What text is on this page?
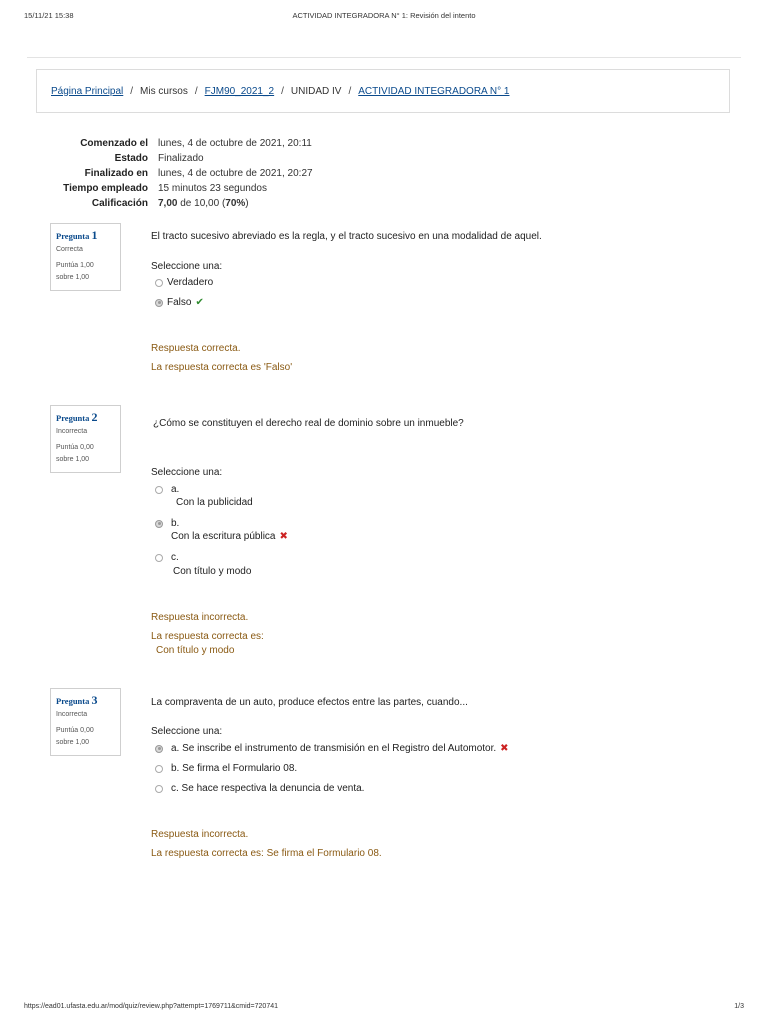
15/11/21 15:38	ACTIVIDAD INTEGRADORA N° 1: Revisión del intento
Página Principal / Mis cursos / FJM90_2021_2 / UNIDAD IV / ACTIVIDAD INTEGRADORA N° 1
Comenzado el lunes, 4 de octubre de 2021, 20:11
Estado Finalizado
Finalizado en lunes, 4 de octubre de 2021, 20:27
Tiempo empleado 15 minutos 23 segundos
Calificación 7,00 de 10,00 (70%)
Pregunta 1
Correcta
Puntúa 1,00
sobre 1,00
El tracto sucesivo abreviado es la regla, y el tracto sucesivo en una modalidad de aquel.
Seleccione una:
Verdadero
Falso ✔
Respuesta correcta.
La respuesta correcta es 'Falso'
Pregunta 2
Incorrecta
Puntúa 0,00
sobre 1,00
¿Cómo se constituyen el derecho real de dominio sobre un inmueble?
Seleccione una:
a.
Con la publicidad
b.
Con la escritura pública ✖
c.
Con título y modo
Respuesta incorrecta.
La respuesta correcta es:
Con título y modo
Pregunta 3
Incorrecta
Puntúa 0,00
sobre 1,00
La compraventa de un auto, produce efectos entre las partes, cuando...
Seleccione una:
a. Se inscribe el instrumento de transmisión en el Registro del Automotor. ✖
b. Se firma el Formulario 08.
c. Se hace respectiva la denuncia de venta.
Respuesta incorrecta.
La respuesta correcta es: Se firma el Formulario 08.
https://ead01.ufasta.edu.ar/mod/quiz/review.php?attempt=1769711&cmid=720741	1/3
